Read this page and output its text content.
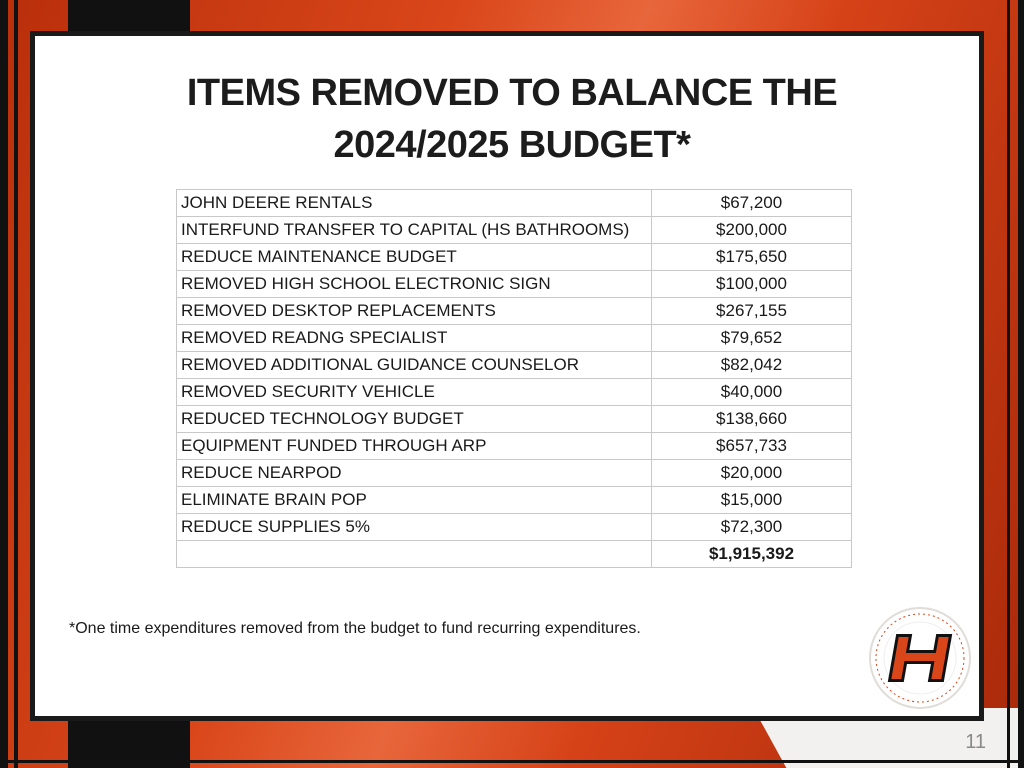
ITEMS REMOVED TO BALANCE THE
2024/2025 BUDGET*
JOHN DEERE RENTALS	$67,200
INTERFUND TRANSFER TO CAPITAL (HS BATHROOMS)	$200,000
REDUCE MAINTENANCE BUDGET	$175,650
REMOVED HIGH SCHOOL ELECTRONIC SIGN	$100,000
REMOVED DESKTOP REPLACEMENTS	$267,155
REMOVED READNG SPECIALIST	$79,652
REMOVED ADDITIONAL GUIDANCE COUNSELOR	$82,042
REMOVED SECURITY VEHICLE	$40,000
REDUCED TECHNOLOGY BUDGET	$138,660
EQUIPMENT FUNDED THROUGH ARP	$657,733
REDUCE NEARPOD	$20,000
ELIMINATE BRAIN POP	$15,000
REDUCE SUPPLIES 5%	$72,300
	$1,915,392
*One time expenditures removed from the budget to fund recurring expenditures.
11
